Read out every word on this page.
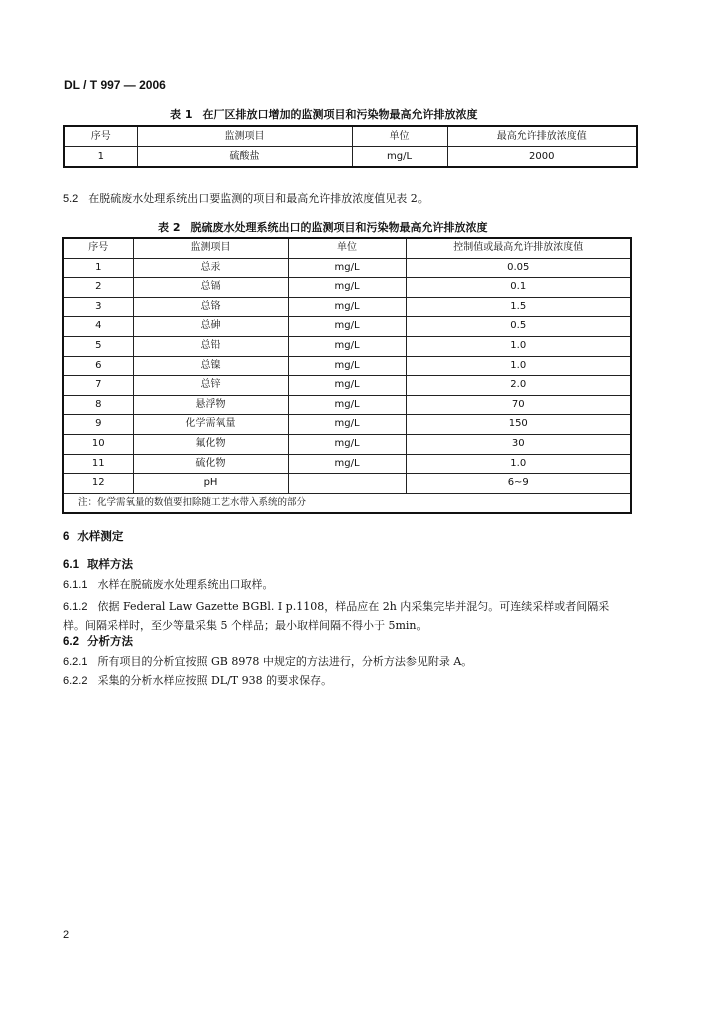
DL / T 997 — 2006
表 1 在厂区排放口增加的监测项目和污染物最高允许排放浓度
序号	监测项目	单位	最高允许排放浓度值
1	硫酸盐	mg/L	2000
5.2 在脱硫废水处理系统出口要监测的项目和最高允许排放浓度值见表 2。
表 2 脱硫废水处理系统出口的监测项目和污染物最高允许排放浓度
序号	监测项目	单位	控制值或最高允许排放浓度值
1	总汞	mg/L	0.05
2	总镉	mg/L	0.1
3	总铬	mg/L	1.5
4	总砷	mg/L	0.5
5	总铅	mg/L	1.0
6	总镍	mg/L	1.0
7	总锌	mg/L	2.0
8	悬浮物	mg/L	70
9	化学需氧量	mg/L	150
10	氟化物	mg/L	30
11	硫化物	mg/L	1.0
12	pH		6~9
注：化学需氧量的数值要扣除随工艺水带入系统的部分			
6 水样测定
6.1 取样方法
6.1.1 水样在脱硫废水处理系统出口取样。
6.1.2 依据 Federal Law Gazette BGBl. I p.1108，样品应在 2h 内采集完毕并混匀。可连续采样或者间隔采
样。间隔采样时，至少等量采集 5 个样品；最小取样间隔不得小于 5min。
6.2 分析方法
6.2.1 所有项目的分析宜按照 GB 8978 中规定的方法进行，分析方法参见附录 A。
6.2.2 采集的分析水样应按照 DL/T 938 的要求保存。
2
